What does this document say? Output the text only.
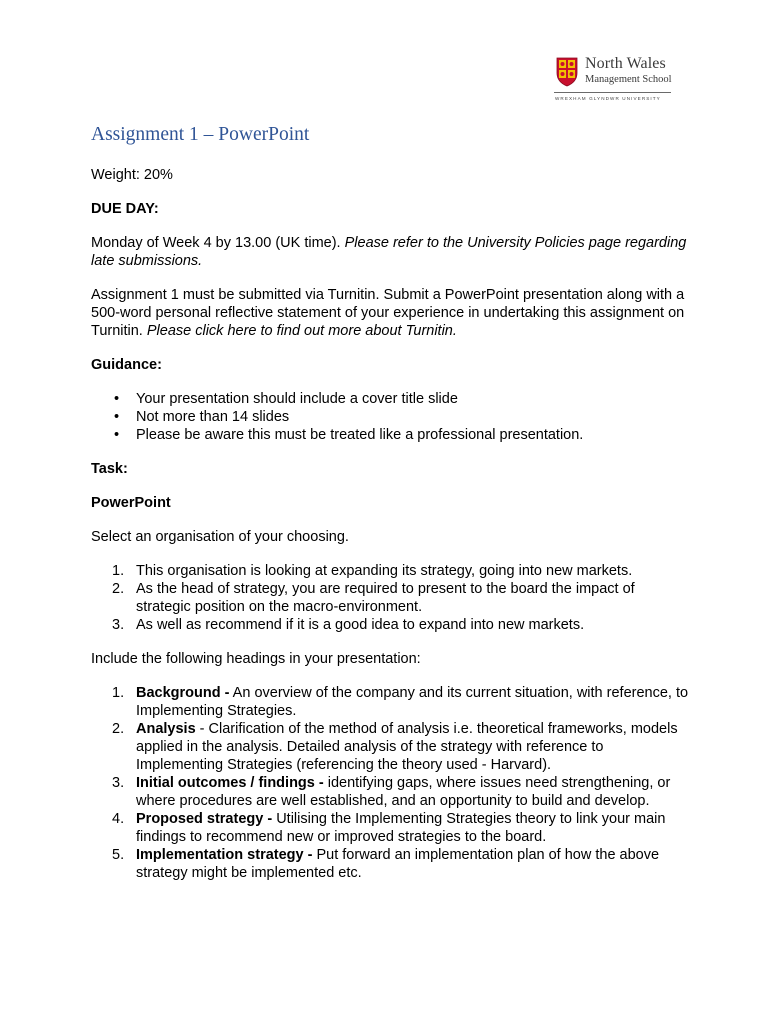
North Wales
Management School
WREXHAM GLYNDWR UNIVERSITY
Assignment 1 – PowerPoint

Weight: 20%

DUE DAY:

Monday of Week 4 by 13.00 (UK time). Please refer to the University Policies page regarding late submissions.

Assignment 1 must be submitted via Turnitin. Submit a PowerPoint presentation along with a 500-word personal reflective statement of your experience in undertaking this assignment on Turnitin. Please click here to find out more about Turnitin.

Guidance:

• Your presentation should include a cover title slide
• Not more than 14 slides
• Please be aware this must be treated like a professional presentation.

Task:

PowerPoint

Select an organisation of your choosing.

1. This organisation is looking at expanding its strategy, going into new markets.
2. As the head of strategy, you are required to present to the board the impact of strategic position on the macro-environment.
3. As well as recommend if it is a good idea to expand into new markets.

Include the following headings in your presentation:

1. Background - An overview of the company and its current situation, with reference, to Implementing Strategies.
2. Analysis - Clarification of the method of analysis i.e. theoretical frameworks, models applied in the analysis. Detailed analysis of the strategy with reference to Implementing Strategies (referencing the theory used - Harvard).
3. Initial outcomes / findings - identifying gaps, where issues need strengthening, or where procedures are well established, and an opportunity to build and develop.
4. Proposed strategy - Utilising the Implementing Strategies theory to link your main findings to recommend new or improved strategies to the board.
5. Implementation strategy - Put forward an implementation plan of how the above strategy might be implemented etc.
